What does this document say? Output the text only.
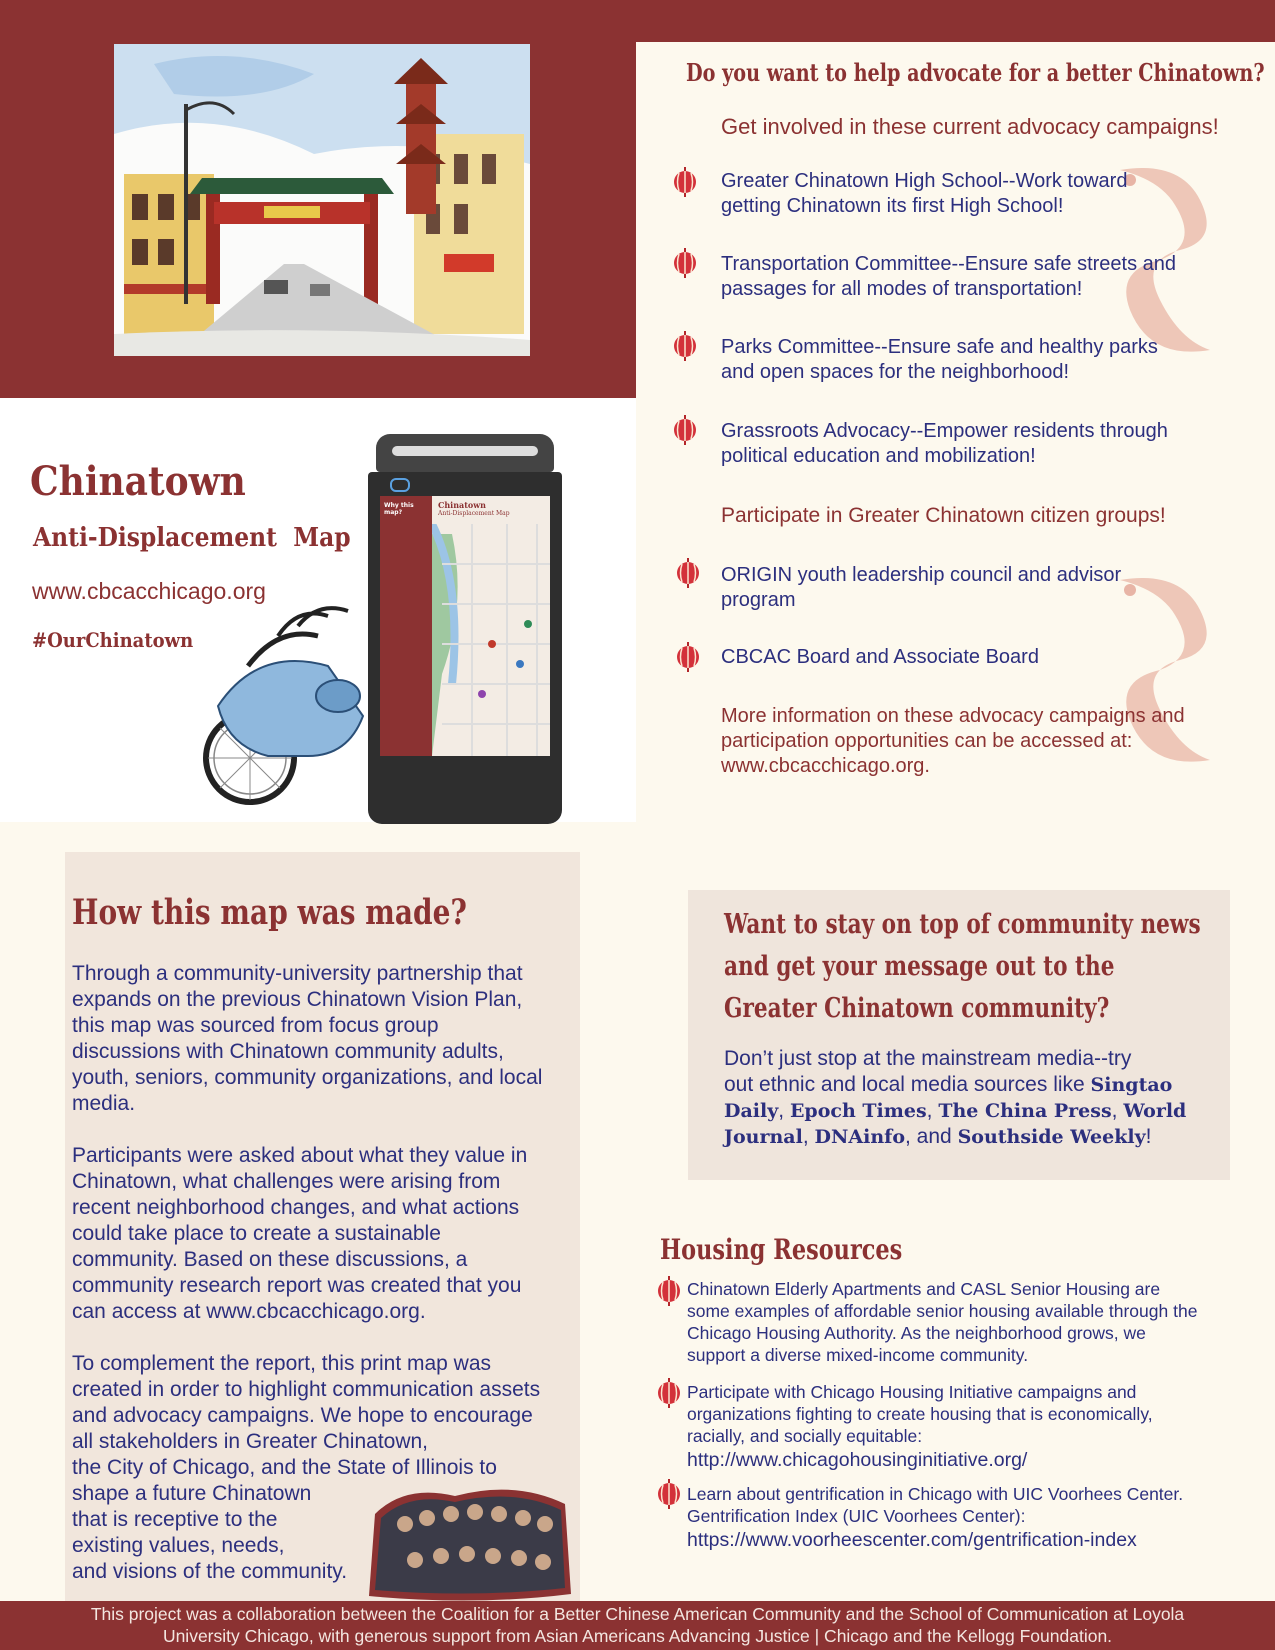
Chinatown
Anti-Displacement  Map
www.cbcacchicago.org
#OurChinatown
Why this map?
Chinatown
Anti-Displacement Map
Do you want to help advocate for a better Chinatown?
Get involved in these current advocacy campaigns!
Greater Chinatown High School--Work toward
getting Chinatown its first High School!
Transportation Committee--Ensure safe streets and
passages for all modes of transportation!
Parks Committee--Ensure safe and healthy parks
and open spaces for the neighborhood!
Grassroots Advocacy--Empower residents through
political education and mobilization!
Participate in Greater Chinatown citizen groups!
ORIGIN youth leadership council and advisor
program
CBCAC Board and Associate Board
More information on these advocacy campaigns and
participation opportunities can be accessed at:
www.cbcacchicago.org.
How this map was made?
Through a community-university partnership that
expands on the previous Chinatown Vision Plan,
this map was sourced from focus group
discussions with Chinatown community adults,
youth, seniors, community organizations, and local
media.
Participants were asked about what they value in
Chinatown, what challenges were arising from
recent neighborhood changes, and what actions
could take place to create a sustainable
community. Based on these discussions, a
community research report was created that you
can access at www.cbcacchicago.org.
To complement the report, this print map was
created in order to highlight communication assets
and advocacy campaigns. We hope to encourage
all stakeholders in Greater Chinatown,
the City of Chicago, and the State of Illinois to
shape a future Chinatown
that is receptive to the
existing values, needs,
and visions of the community.
Want to stay on top of community news
and get your message out to the
Greater Chinatown community?
Don’t just stop at the mainstream media--try
out ethnic and local media sources like Singtao
Daily, Epoch Times, The China Press, World
Journal, DNAinfo, and Southside Weekly!
Housing Resources
Chinatown Elderly Apartments and CASL Senior Housing are
some examples of affordable senior housing available through the
Chicago Housing Authority. As the neighborhood grows, we
support a diverse mixed-income community.
Participate with Chicago Housing Initiative campaigns and
organizations fighting to create housing that is economically,
racially, and socially equitable:
http://www.chicagohousinginitiative.org/
Learn about gentrification in Chicago with UIC Voorhees Center.
Gentrification Index (UIC Voorhees Center):
https://www.voorheescenter.com/gentrification-index
This project was a collaboration between the Coalition for a Better Chinese American Community and the School of Communication at Loyola
University Chicago, with generous support from Asian Americans Advancing Justice | Chicago and the Kellogg Foundation.
